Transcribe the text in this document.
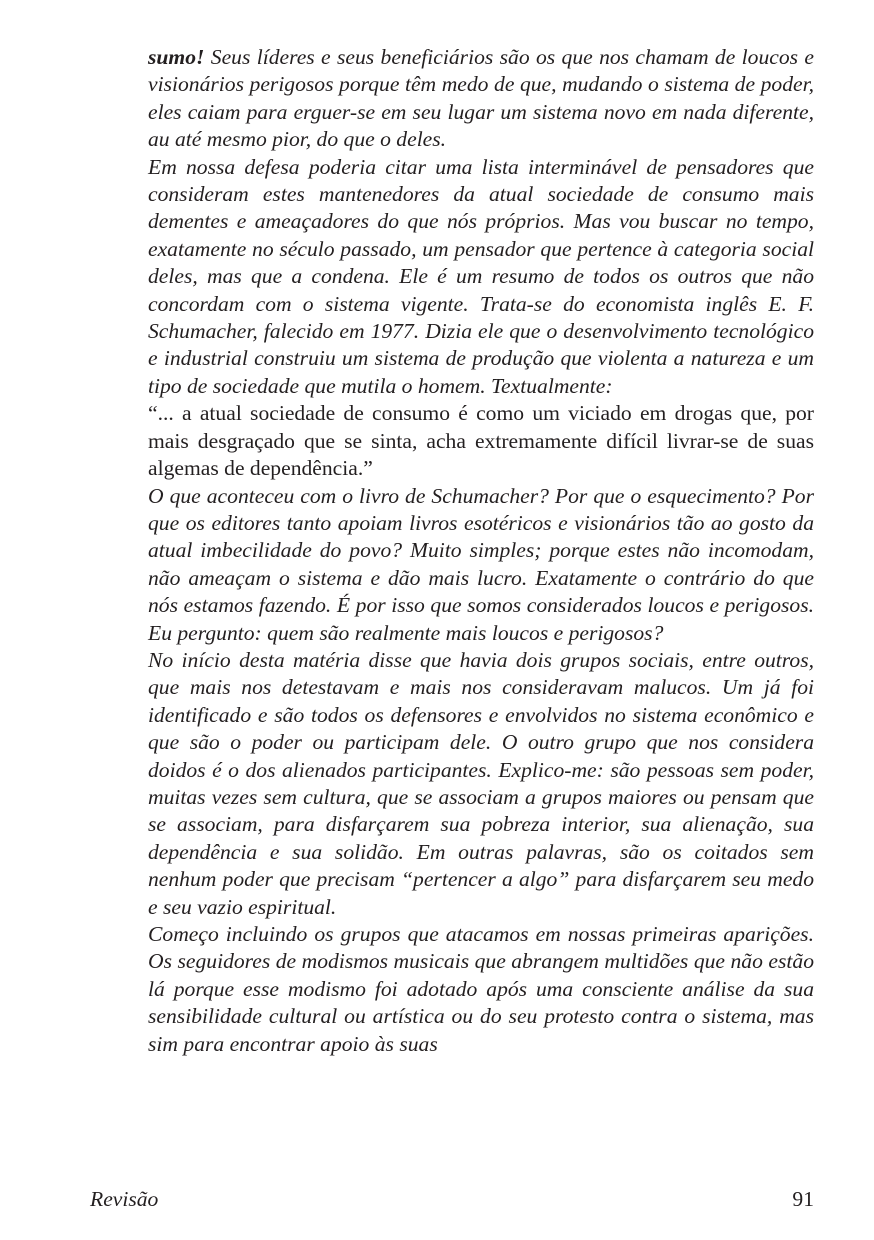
sumo! Seus líderes e seus beneficiários são os que nos chamam de loucos e visionários perigosos porque têm medo de que, mudando o sistema de poder, eles caiam para erguer-se em seu lugar um sistema novo em nada diferente, au até mesmo pior, do que o deles.

Em nossa defesa poderia citar uma lista interminável de pensadores que consideram estes mantenedores da atual sociedade de consumo mais dementes e ameaçadores do que nós próprios. Mas vou buscar no tempo, exatamente no século passado, um pensador que pertence à categoria social deles, mas que a condena. Ele é um resumo de todos os outros que não concordam com o sistema vigente. Trata-se do economista inglês E. F. Schumacher, falecido em 1977. Dizia ele que o desenvolvimento tecnológico e industrial construiu um sistema de produção que violenta a natureza e um tipo de sociedade que mutila o homem. Textualmente:

“... a atual sociedade de consumo é como um viciado em drogas que, por mais desgraçado que se sinta, acha extremamente difícil livrar-se de suas algemas de dependência.”

O que aconteceu com o livro de Schumacher? Por que o esquecimento? Por que os editores tanto apoiam livros esotéricos e visionários tão ao gosto da atual imbecilidade do povo? Muito simples; porque estes não incomodam, não ameaçam o sistema e dão mais lucro. Exatamente o contrário do que nós estamos fazendo. É por isso que somos considerados loucos e perigosos. Eu pergunto: quem são realmente mais loucos e perigosos?

No início desta matéria disse que havia dois grupos sociais, entre outros, que mais nos detestavam e mais nos consideravam malucos. Um já foi identificado e são todos os defensores e envolvidos no sistema econômico e que são o poder ou participam dele. O outro grupo que nos considera doidos é o dos alienados participantes. Explico-me: são pessoas sem poder, muitas vezes sem cultura, que se associam a grupos maiores ou pensam que se associam, para disfarçarem sua pobreza interior, sua alienação, sua dependência e sua solidão. Em outras palavras, são os coitados sem nenhum poder que precisam “pertencer a algo” para disfarçarem seu medo e seu vazio espiritual.

Começo incluindo os grupos que atacamos em nossas primeiras aparições. Os seguidores de modismos musicais que abrangem multidões que não estão lá porque esse modismo foi adotado após uma consciente análise da sua sensibilidade cultural ou artística ou do seu protesto contra o sistema, mas sim para encontrar apoio às suas

Revisão	91
